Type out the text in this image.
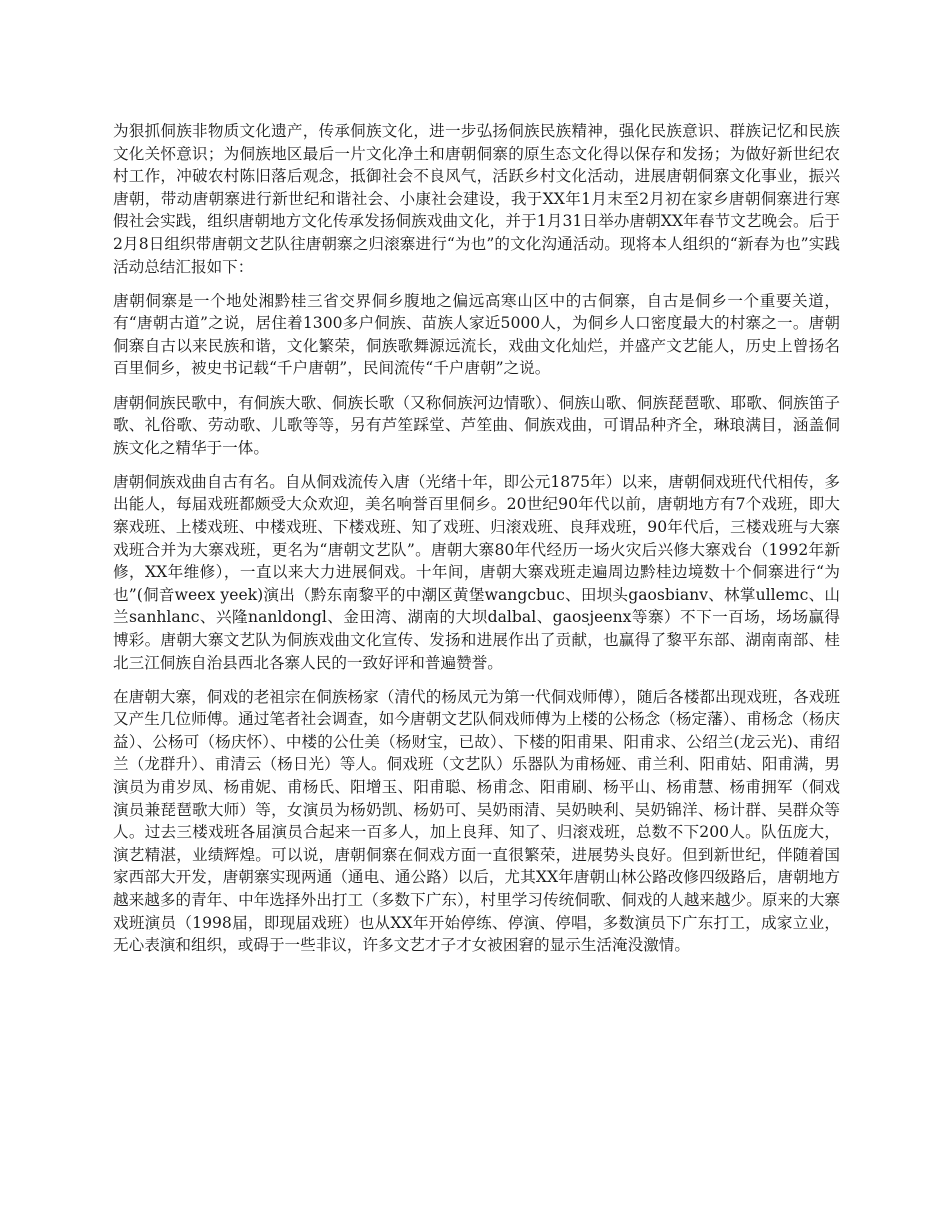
为狠抓侗族非物质文化遗产，传承侗族文化，进一步弘扬侗族民族精神，强化民族意识、群族记忆和民族文化关怀意识；为侗族地区最后一片文化净土和唐朝侗寨的原生态文化得以保存和发扬；为做好新世纪农村工作，冲破农村陈旧落后观念，抵御社会不良风气，活跃乡村文化活动，进展唐朝侗寨文化事业，振兴唐朝，带动唐朝寨进行新世纪和谐社会、小康社会建设，我于XX年1月末至2月初在家乡唐朝侗寨进行寒假社会实践，组织唐朝地方文化传承发扬侗族戏曲文化，并于1月31日举办唐朝XX年春节文艺晚会。后于2月8日组织带唐朝文艺队往唐朝寨之归滚寨进行“为也”的文化沟通活动。现将本人组织的“新春为也”实践活动总结汇报如下：

唐朝侗寨是一个地处湘黔桂三省交界侗乡腹地之偏远高寒山区中的古侗寨，自古是侗乡一个重要关道，有“唐朝古道”之说，居住着1300多户侗族、苗族人家近5000人，为侗乡人口密度最大的村寨之一。唐朝侗寨自古以来民族和谐，文化繁荣，侗族歌舞源远流长，戏曲文化灿烂，并盛产文艺能人，历史上曾扬名百里侗乡，被史书记载“千户唐朝”，民间流传“千户唐朝”之说。

唐朝侗族民歌中，有侗族大歌、侗族长歌（又称侗族河边情歌）、侗族山歌、侗族琵琶歌、耶歌、侗族笛子歌、礼俗歌、劳动歌、儿歌等等，另有芦笙踩堂、芦笙曲、侗族戏曲，可谓品种齐全，琳琅满目，涵盖侗族文化之精华于一体。

唐朝侗族戏曲自古有名。自从侗戏流传入唐（光绪十年，即公元1875年）以来，唐朝侗戏班代代相传，多出能人，每届戏班都颇受大众欢迎，美名响誉百里侗乡。20世纪90年代以前，唐朝地方有7个戏班，即大寨戏班、上楼戏班、中楼戏班、下楼戏班、知了戏班、归滚戏班、良拜戏班，90年代后，三楼戏班与大寨戏班合并为大寨戏班，更名为“唐朝文艺队”。唐朝大寨80年代经历一场火灾后兴修大寨戏台（1992年新修，XX年维修），一直以来大力进展侗戏。十年间，唐朝大寨戏班走遍周边黔桂边境数十个侗寨进行“为也”(侗音weex yeek)演出（黔东南黎平的中潮区黄堡wangcbuc、田坝头gaosbianv、林掌ullemc、山兰sanhlanc、兴隆nanldongl、金田湾、湖南的大坝dalbal、gaosjeenx等寨）不下一百场，场场赢得博彩。唐朝大寨文艺队为侗族戏曲文化宣传、发扬和进展作出了贡献，也赢得了黎平东部、湖南南部、桂北三江侗族自治县西北各寨人民的一致好评和普遍赞誉。

在唐朝大寨，侗戏的老祖宗在侗族杨家（清代的杨凤元为第一代侗戏师傅），随后各楼都出现戏班，各戏班又产生几位师傅。通过笔者社会调查，如今唐朝文艺队侗戏师傅为上楼的公杨念（杨定藩）、甫杨念（杨庆益）、公杨可（杨庆怀）、中楼的公仕美（杨财宝，已故）、下楼的阳甫果、阳甫求、公绍兰(龙云光)、甫绍兰（龙群升）、甫清云（杨日光）等人。侗戏班（文艺队）乐器队为甫杨娅、甫兰利、阳甫姑、阳甫满，男演员为甫岁凤、杨甫妮、甫杨氏、阳增玉、阳甫聪、杨甫念、阳甫刷、杨平山、杨甫慧、杨甫拥军（侗戏演员兼琵琶歌大师）等，女演员为杨奶凯、杨奶可、吴奶雨清、吴奶映利、吴奶锦洋、杨计群、吴群众等人。过去三楼戏班各届演员合起来一百多人，加上良拜、知了、归滚戏班，总数不下200人。队伍庞大，演艺精湛，业绩辉煌。可以说，唐朝侗寨在侗戏方面一直很繁荣，进展势头良好。但到新世纪，伴随着国家西部大开发，唐朝寨实现两通（通电、通公路）以后，尤其XX年唐朝山林公路改修四级路后，唐朝地方越来越多的青年、中年选择外出打工（多数下广东），村里学习传统侗歌、侗戏的人越来越少。原来的大寨戏班演员（1998届，即现届戏班）也从XX年开始停练、停演、停唱，多数演员下广东打工，成家立业，无心表演和组织，或碍于一些非议，许多文艺才子才女被困窘的显示生活淹没激情。
